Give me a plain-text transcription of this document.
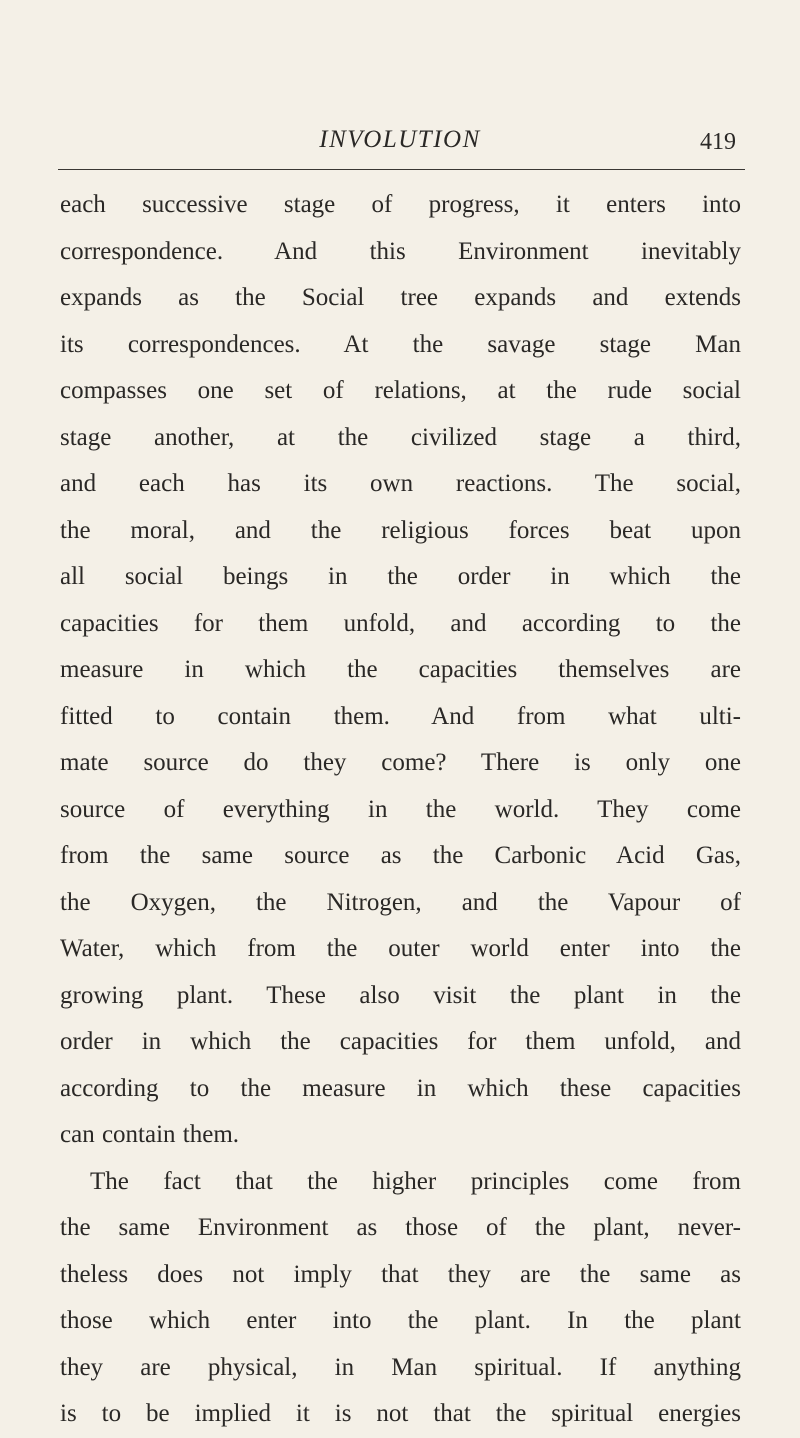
INVOLUTION	419
each successive stage of progress, it enters into
correspondence. And this Environment inevitably
expands as the Social tree expands and extends
its correspondences. At the savage stage Man
compasses one set of relations, at the rude social
stage another, at the civilized stage a third,
and each has its own reactions. The social,
the moral, and the religious forces beat upon
all social beings in the order in which the
capacities for them unfold, and according to the
measure in which the capacities themselves are
fitted to contain them. And from what ulti-
mate source do they come? There is only one
source of everything in the world. They come
from the same source as the Carbonic Acid Gas,
the Oxygen, the Nitrogen, and the Vapour of
Water, which from the outer world enter into the
growing plant. These also visit the plant in the
order in which the capacities for them unfold, and
according to the measure in which these capacities
can contain them.
The fact that the higher principles come from
the same Environment as those of the plant, never-
theless does not imply that they are the same as
those which enter into the plant. In the plant
they are physical, in Man spiritual. If anything
is to be implied it is not that the spiritual energies
